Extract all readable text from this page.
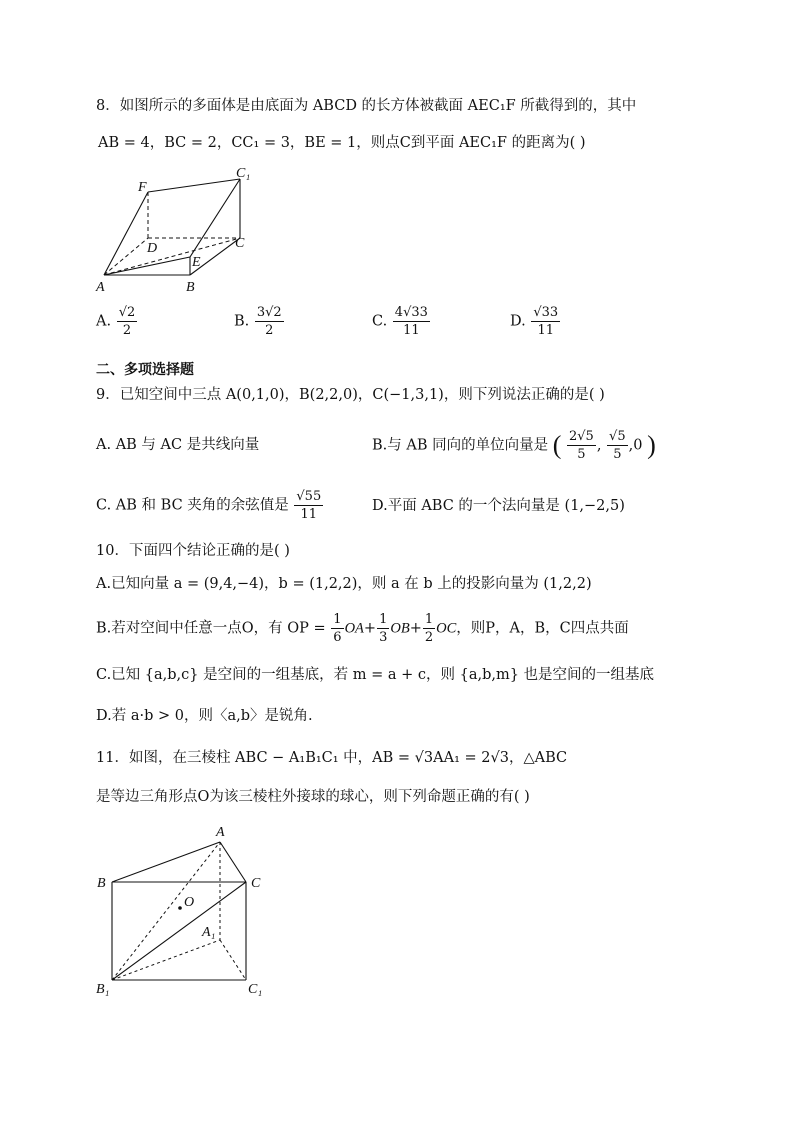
8．如图所示的多面体是由底面为 ABCD 的长方体被截面 AEC₁F 所截得到的，其中
AB = 4，BC = 2，CC₁ = 3，BE = 1，则点C到平面 AEC₁F 的距离为( )
F
C₁
D	C
E
A	B
A. $\frac{√2}{2}$	B. $\frac{3√2}{2}$	C. $\frac{4√33}{11}$	D. $\frac{√33}{11}$
二、多项选择题
9．已知空间中三点 A(0,1,0)，B(2,2,0)，C(−1,3,1)，则下列说法正确的是( )
A. AB 与 AC 是共线向量	B.与 AB 同向的单位向量是 ( $\frac{2√5}{5}$ , $\frac{√5}{5} ,0$ )
C. AB 和 BC 夹角的余弦值是 $\frac{√55}{11}$	D.平面 ABC 的一个法向量是 (1,−2,5)
10．下面四个结论正确的是( )
A.已知向量 a = (9,4,−4)，b = (1,2,2)，则 a 在 b 上的投影向量为 (1,2,2)
B.若对空间中任意一点O，有 OP = $\frac{1}{6} OA+ \frac{1}{3} OB+ \frac{1}{2}$ OC，则P，A，B，C四点共面
C.已知 {a,b,c} 是空间的一组基底，若 m = a + c，则 {a,b,m} 也是空间的一组基底
D.若 a·b > 0，则〈a,b〉是锐角.
11．如图，在三棱柱 ABC − A₁B₁C₁ 中，AB = √3AA₁ = 2√3，△ABC
是等边三角形点O为该三棱柱外接球的球心，则下列命题正确的有( )
A
B	C
O
A₁
B₁	C₁
